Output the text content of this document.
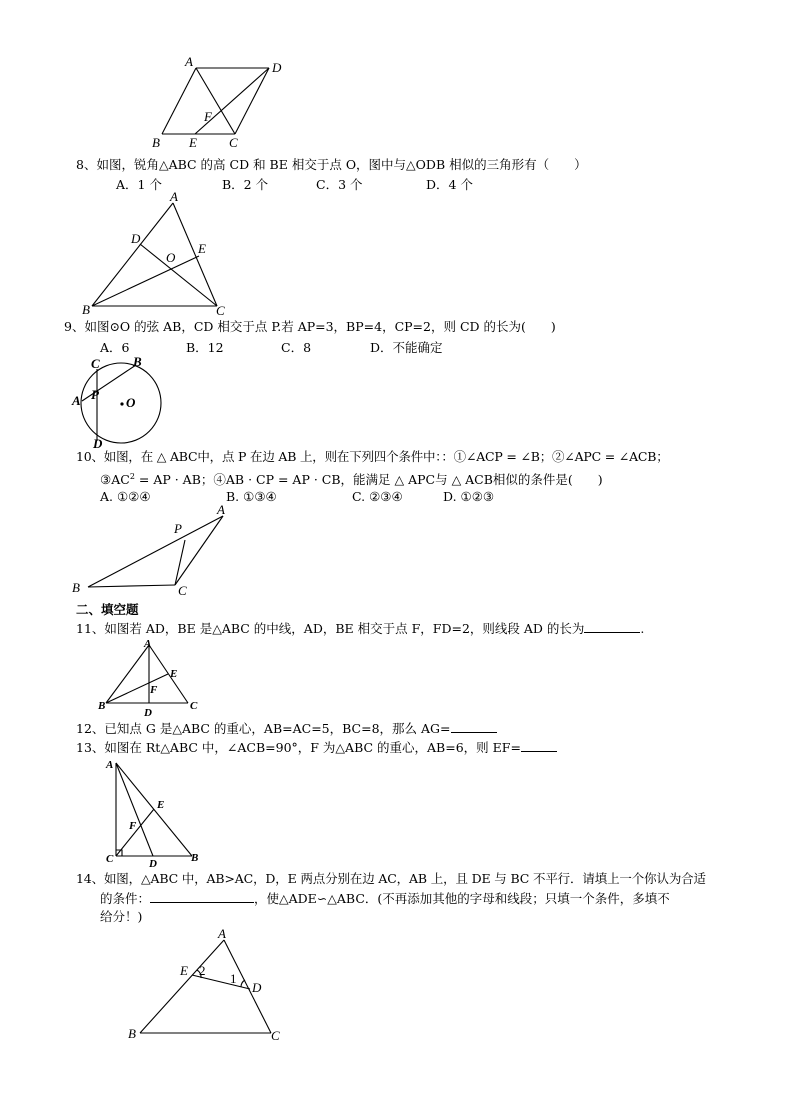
A	D
F
B E C
8、如图，锐角△ABC 的高 CD 和 BE 相交于点 O，图中与△ODB 相似的三角形有（　　）
A．1 个	B．2 个	C．3 个	D．4 个
A
D
O
E
B	C
9、如图⊙O 的弦 AB，CD 相交于点 P.若 AP=3，BP=4，CP=2，则 CD 的长为(　　)
A．6	B．12	C．8	D．不能确定
C	B
A P
O
D
10、如图，在 △ ABC中，点 P 在边 AB 上，则在下列四个条件中：：①∠ACP = ∠B；②∠APC = ∠ACB；
$③AC^2$ = AP · AB；④AB · CP = AP · CB，能满足 △ APC与 △ ACB相似的条件是(　　)
A. ①②④	B. ①③④	C. ②③④	D. ①②③
P
A
B	C
二、填空题
11、如图若 AD，BE 是△ABC 的中线，AD，BE 相交于点 F，FD=2，则线段 AD 的长为	.
A
E
F
B
D
C
12、已知点 G 是△ABC 的重心，AB=AC=5，BC=8，那么 AG=
13、如图在 Rt△ABC 中，∠ACB=90°，F 为△ABC 的重心，AB=6，则 EF=
A
E
F
C	D	B
14、如图，△ABC 中，AB>AC，D，E 两点分别在边 AC，AB 上，且 DE 与 BC 不平行．请填上一个你认为合适
的条件：	，使△ADE∽△ABC．(不再添加其他的字母和线段；只填一个条件，多填不
给分！)
A
E 2
1
D
B	C
